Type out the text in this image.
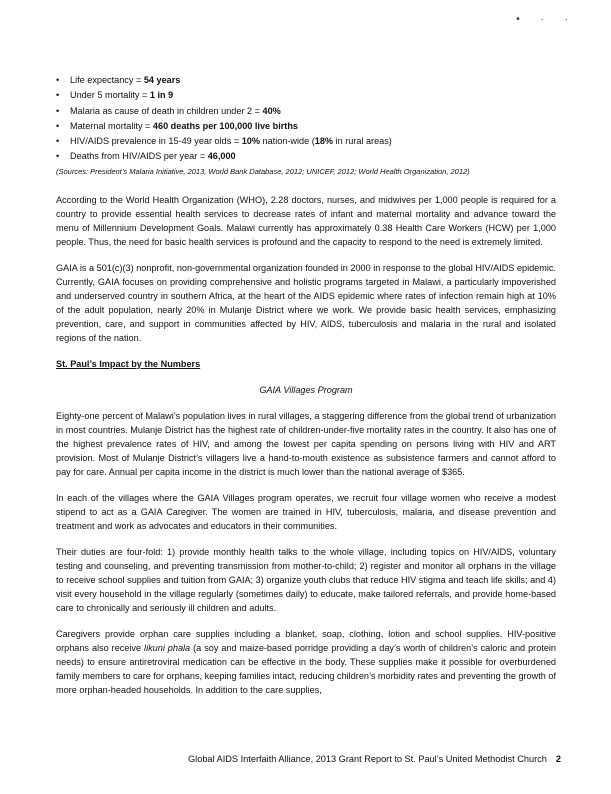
• · ·
• Life expectancy = 54 years
• Under 5 mortality = 1 in 9
• Malaria as cause of death in children under 2 = 40%
• Maternal mortality = 460 deaths per 100,000 live births
• HIV/AIDS prevalence in 15-49 year olds = 10% nation-wide (18% in rural areas)
• Deaths from HIV/AIDS per year = 46,000
(Sources: President’s Malaria Initiative, 2013, World Bank Database, 2012; UNICEF, 2012; World Health Organization, 2012)

According to the World Health Organization (WHO), 2.28 doctors, nurses, and midwives per 1,000 people is required for a country to provide essential health services to decrease rates of infant and maternal mortality and advance toward the menu of Millennium Development Goals. Malawi currently has approximately 0.38 Health Care Workers (HCW) per 1,000 people. Thus, the need for basic health services is profound and the capacity to respond to the need is extremely limited.

GAIA is a 501(c)(3) nonprofit, non-governmental organization founded in 2000 in response to the global HIV/AIDS epidemic. Currently, GAIA focuses on providing comprehensive and holistic programs targeted in Malawi, a particularly impoverished and underserved country in southern Africa, at the heart of the AIDS epidemic where rates of infection remain high at 10% of the adult population, nearly 20% in Mulanje District where we work. We provide basic health services, emphasizing prevention, care, and support in communities affected by HIV, AIDS, tuberculosis and malaria in the rural and isolated regions of the nation.

St. Paul’s Impact by the Numbers
GAIA Villages Program

Eighty-one percent of Malawi’s population lives in rural villages, a staggering difference from the global trend of urbanization in most countries. Mulanje District has the highest rate of children-under-five mortality rates in the country. It also has one of the highest prevalence rates of HIV, and among the lowest per capita spending on persons living with HIV and ART provision. Most of Mulanje District’s villagers live a hand-to-mouth existence as subsistence farmers and cannot afford to pay for care. Annual per capita income in the district is much lower than the national average of $365.

In each of the villages where the GAIA Villages program operates, we recruit four village women who receive a modest stipend to act as a GAIA Caregiver. The women are trained in HIV, tuberculosis, malaria, and disease prevention and treatment and work as advocates and educators in their communities.

Their duties are four-fold: 1) provide monthly health talks to the whole village, including topics on HIV/AIDS, voluntary testing and counseling, and preventing transmission from mother-to-child; 2) register and monitor all orphans in the village to receive school supplies and tuition from GAIA; 3) organize youth clubs that reduce HIV stigma and teach life skills; and 4) visit every household in the village regularly (sometimes daily) to educate, make tailored referrals, and provide home-based care to chronically and seriously ill children and adults.

Caregivers provide orphan care supplies including a blanket, soap, clothing, lotion and school supplies. HIV-positive orphans also receive likuni phala (a soy and maize-based porridge providing a day’s worth of children’s caloric and protein needs) to ensure antiretroviral medication can be effective in the body. These supplies make it possible for overburdened family members to care for orphans, keeping families intact, reducing children’s morbidity rates and preventing the growth of more orphan-headed households. In addition to the care supplies,

Global AIDS Interfaith Alliance, 2013 Grant Report to St. Paul’s United Methodist Church 2
